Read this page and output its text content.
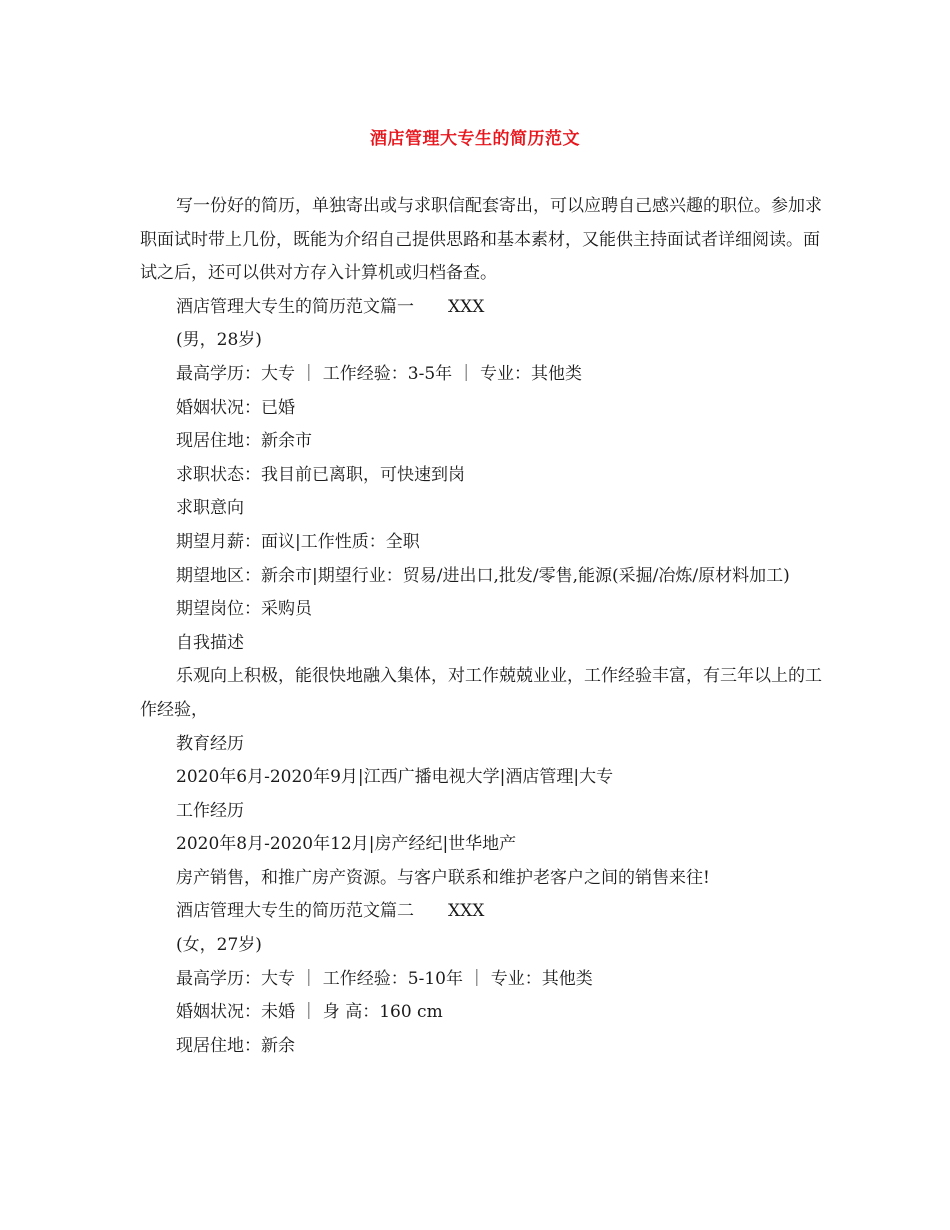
酒店管理大专生的简历范文

写一份好的简历，单独寄出或与求职信配套寄出，可以应聘自己感兴趣的职位。参加求职面试时带上几份，既能为介绍自己提供思路和基本素材，又能供主持面试者详细阅读。面试之后，还可以供对方存入计算机或归档备查。

酒店管理大专生的简历范文篇一　　XXX

(男，28岁)

最高学历：大专 ｜ 工作经验：3-5年 ｜ 专业：其他类

婚姻状况：已婚

现居住地：新余市

求职状态：我目前已离职，可快速到岗

求职意向

期望月薪：面议|工作性质：全职

期望地区：新余市|期望行业：贸易/进出口,批发/零售,能源(采掘/冶炼/原材料加工)

期望岗位：采购员

自我描述

乐观向上积极，能很快地融入集体，对工作兢兢业业，工作经验丰富，有三年以上的工作经验，

教育经历

2020年6月-2020年9月|江西广播电视大学|酒店管理|大专

工作经历

2020年8月-2020年12月|房产经纪|世华地产

房产销售，和推广房产资源。与客户联系和维护老客户之间的销售来往!

酒店管理大专生的简历范文篇二　　XXX

(女，27岁)

最高学历：大专 ｜ 工作经验：5-10年 ｜ 专业：其他类

婚姻状况：未婚 ｜ 身 高：160 cm

现居住地：新余
